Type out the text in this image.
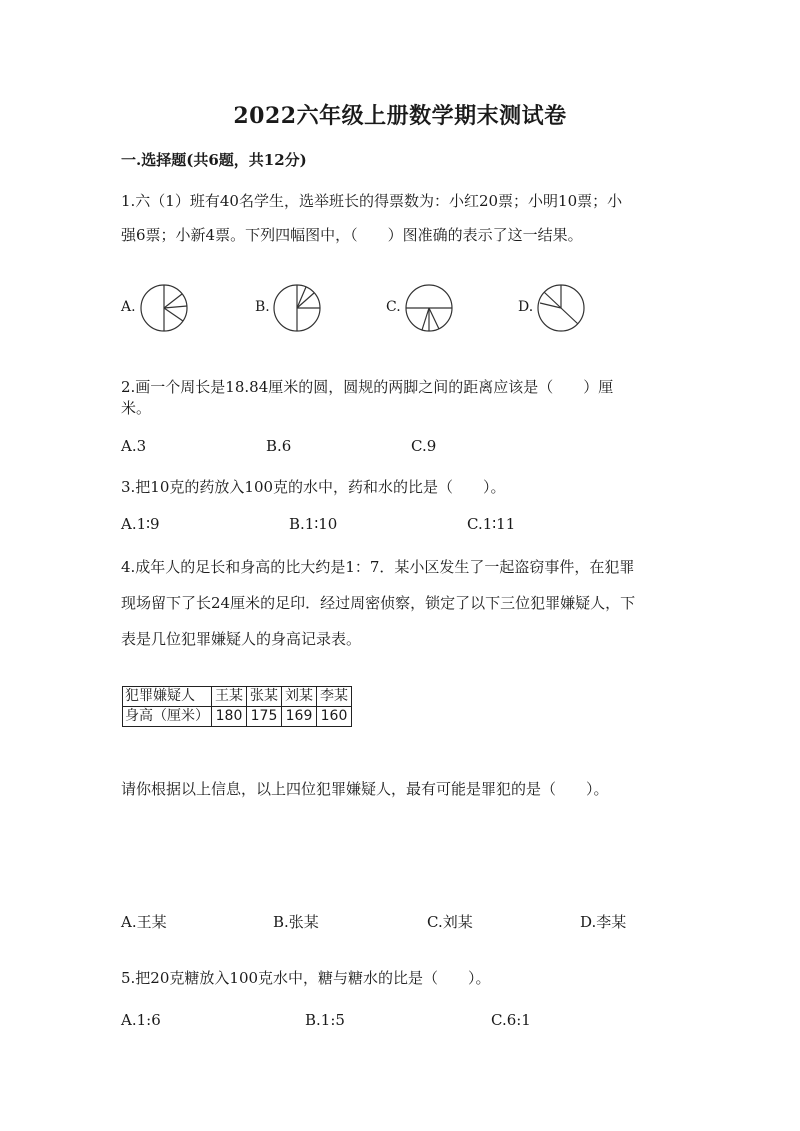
2022六年级上册数学期末测试卷
一.选择题(共6题，共12分)
1.六（1）班有40名学生，选举班长的得票数为：小红20票；小明10票；小
强6票；小新4票。下列四幅图中，（　　）图准确的表示了这一结果。
A.	B.	C.	D.
2.画一个周长是18.84厘米的圆，圆规的两脚之间的距离应该是（　　）厘
米。
A.3	B.6	C.9
3.把10克的药放入100克的水中，药和水的比是（　　）。
A.1∶9	B.1∶10	C.1∶11
4.成年人的足长和身高的比大约是1：7．某小区发生了一起盗窃事件，在犯罪
现场留下了长24厘米的足印．经过周密侦察，锁定了以下三位犯罪嫌疑人，下
表是几位犯罪嫌疑人的身高记录表。
犯罪嫌疑人	王某	张某	刘某	李某
身高（厘米）	180	175	169	160
请你根据以上信息，以上四位犯罪嫌疑人，最有可能是罪犯的是（　　）。
A.王某	B.张某	C.刘某	D.李某
5.把20克糖放入100克水中，糖与糖水的比是（　　）。
A.1:6	B.1:5	C.6:1
